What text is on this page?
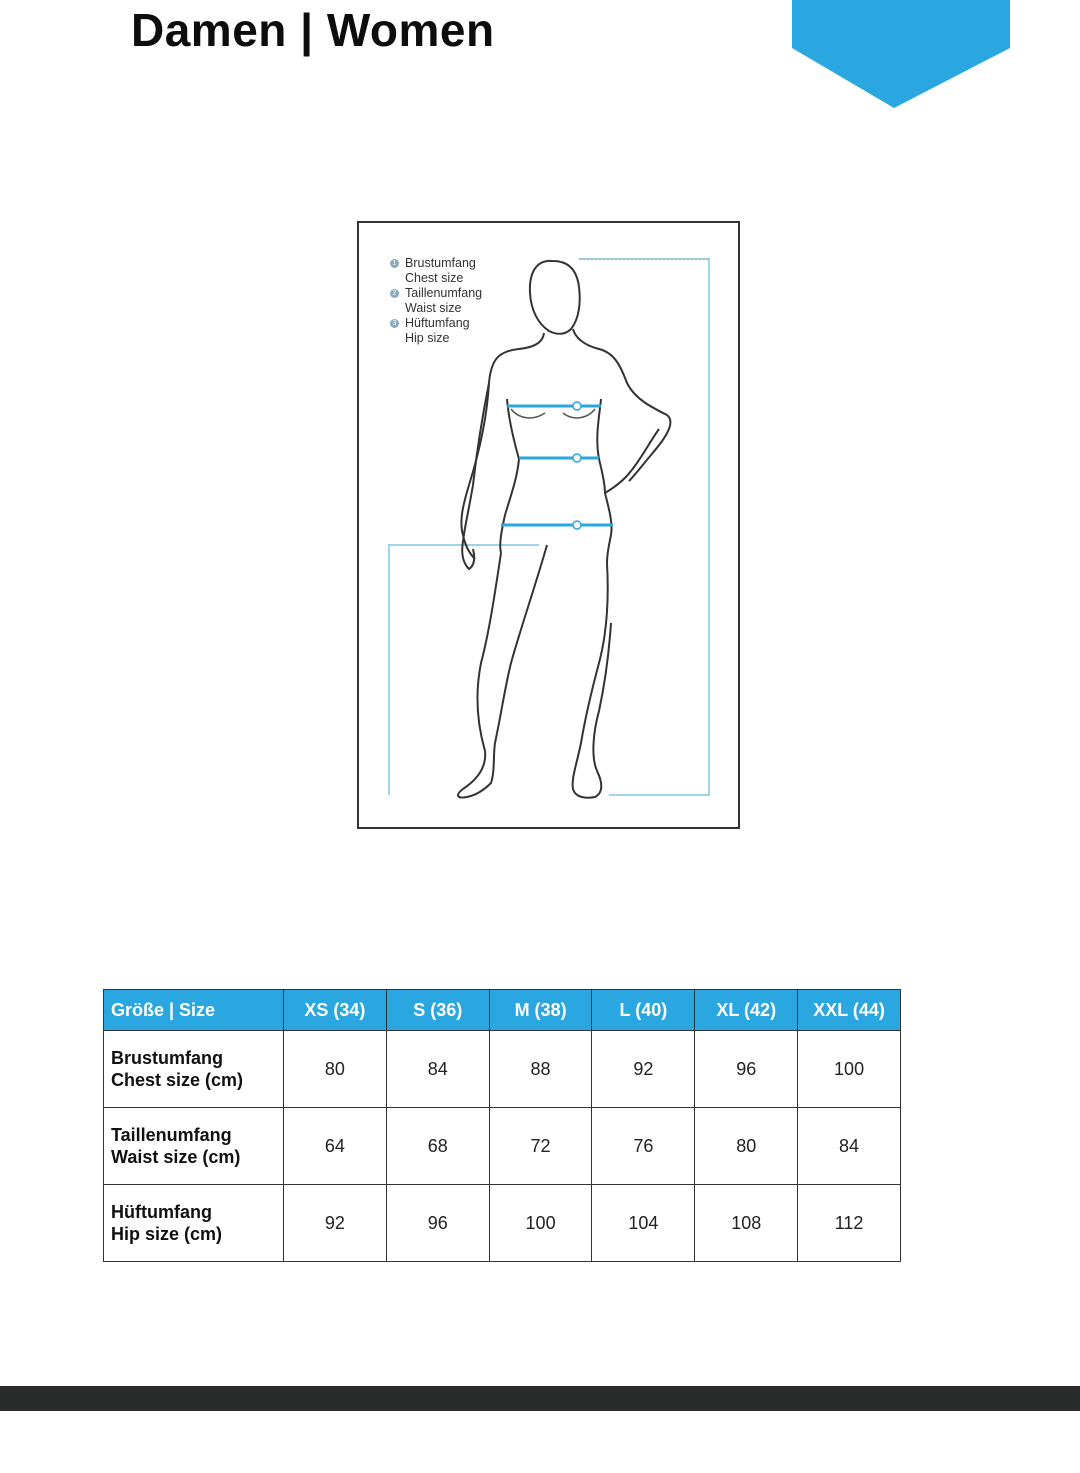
Damen | Women
1 Brustumfang
Chest size
2 Taillenumfang
Waist size
3 Hüftumfang
Hip size
Größe | Size	XS (34)	S (36)	M (38)	L (40)	XL (42)	XXL (44)

Brustumfang
Chest size (cm)	80	84	88	92	96	100

Taillenumfang
Waist size (cm)	64	68	72	76	80	84

Hüftumfang
Hip size (cm)	92	96	100	104	108	112
